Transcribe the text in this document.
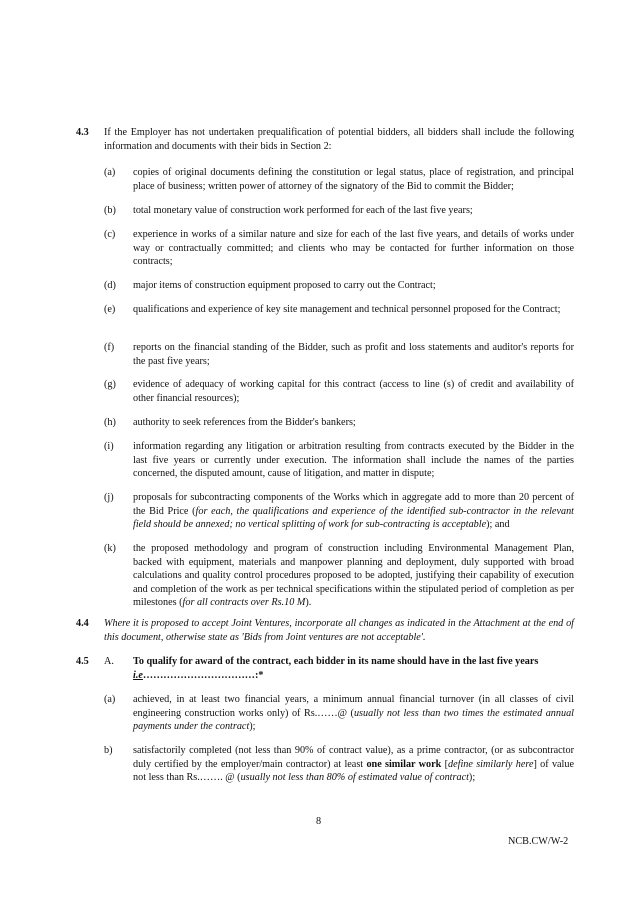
4.3 If the Employer has not undertaken prequalification of potential bidders, all bidders shall include the following information and documents with their bids in Section 2:
(a) copies of original documents defining the constitution or legal status, place of registration, and principal place of business; written power of attorney of the signatory of the Bid to commit the Bidder;
(b) total monetary value of construction work performed for each of the last five years;
(c) experience in works of a similar nature and size for each of the last five years, and details of works under way or contractually committed; and clients who may be contacted for further information on those contracts;
(d) major items of construction equipment proposed to carry out the Contract;
(e) qualifications and experience of key site management and technical personnel proposed for the Contract;
(f) reports on the financial standing of the Bidder, such as profit and loss statements and auditor's reports for the past five years;
(g) evidence of adequacy of working capital for this contract (access to line (s) of credit and availability of other financial resources);
(h) authority to seek references from the Bidder's bankers;
(i) information regarding any litigation or arbitration resulting from contracts executed by the Bidder in the last five years or currently under execution. The information shall include the names of the parties concerned, the disputed amount, cause of litigation, and matter in dispute;
(j) proposals for subcontracting components of the Works which in aggregate add to more than 20 percent of the Bid Price (for each, the qualifications and experience of the identified sub-contractor in the relevant field should be annexed; no vertical splitting of work for sub-contracting is acceptable); and
(k) the proposed methodology and program of construction including Environmental Management Plan, backed with equipment, materials and manpower planning and deployment, duly supported with broad calculations and quality control procedures proposed to be adopted, justifying their capability of execution and completion of the work as per technical specifications within the stipulated period of completion as per milestones (for all contracts over Rs.10 M).
4.4 Where it is proposed to accept Joint Ventures, incorporate all changes as indicated in the Attachment at the end of this document, otherwise state as 'Bids from Joint ventures are not acceptable'.
4.5 A. To qualify for award of the contract, each bidder in its name should have in the last five years
i.e……………………………:*
(a) achieved, in at least two financial years, a minimum annual financial turnover (in all classes of civil engineering construction works only) of Rs.……@ (usually not less than two times the estimated annual payments under the contract);
b) satisfactorily completed (not less than 90% of contract value), as a prime contractor, (or as subcontractor duly certified by the employer/main contractor) at least one similar work [define similarly here] of value not less than Rs.……. @ (usually not less than 80% of estimated value of contract);
8
NCB.CW/W-2
